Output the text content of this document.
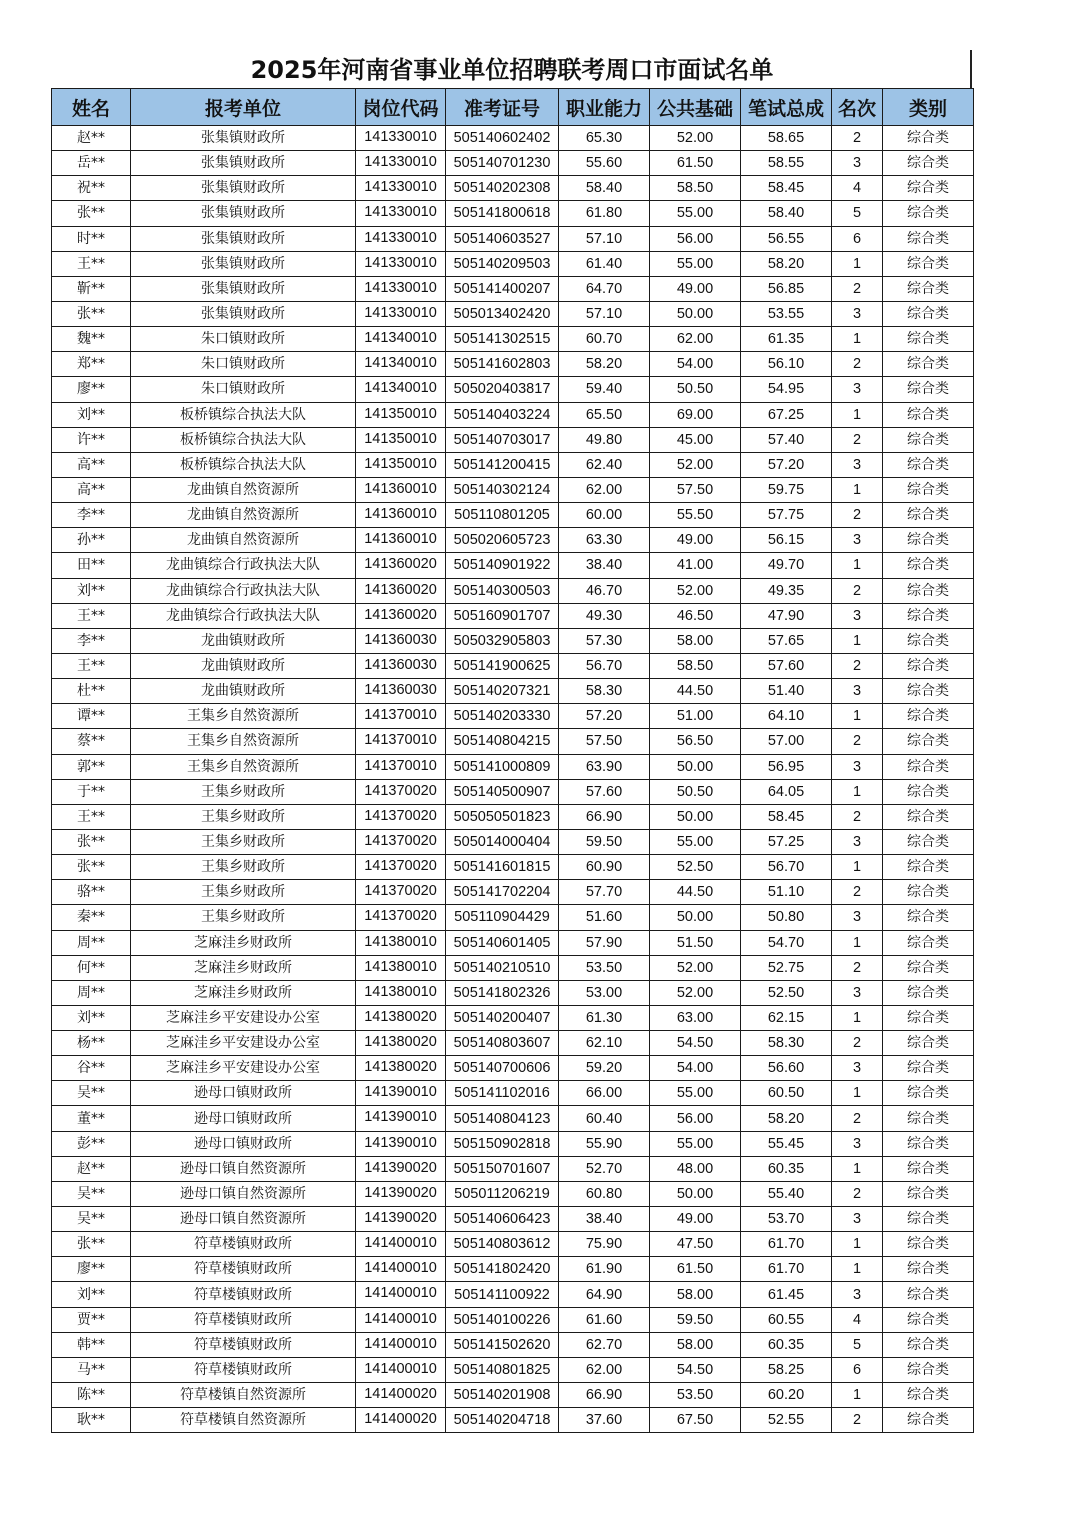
2025年河南省事业单位招聘联考周口市面试名单
姓名	报考单位	岗位代码	准考证号	职业能力	公共基础	笔试总成	名次	类别
赵**	张集镇财政所	141330010	505140602402	65.30	52.00	58.65	2	综合类
岳**	张集镇财政所	141330010	505140701230	55.60	61.50	58.55	3	综合类
祝**	张集镇财政所	141330010	505140202308	58.40	58.50	58.45	4	综合类
张**	张集镇财政所	141330010	505141800618	61.80	55.00	58.40	5	综合类
时**	张集镇财政所	141330010	505140603527	57.10	56.00	56.55	6	综合类
王**	张集镇财政所	141330010	505140209503	61.40	55.00	58.20	1	综合类
靳**	张集镇财政所	141330010	505141400207	64.70	49.00	56.85	2	综合类
张**	张集镇财政所	141330010	505013402420	57.10	50.00	53.55	3	综合类
魏**	朱口镇财政所	141340010	505141302515	60.70	62.00	61.35	1	综合类
郑**	朱口镇财政所	141340010	505141602803	58.20	54.00	56.10	2	综合类
廖**	朱口镇财政所	141340010	505020403817	59.40	50.50	54.95	3	综合类
刘**	板桥镇综合执法大队	141350010	505140403224	65.50	69.00	67.25	1	综合类
许**	板桥镇综合执法大队	141350010	505140703017	49.80	45.00	57.40	2	综合类
高**	板桥镇综合执法大队	141350010	505141200415	62.40	52.00	57.20	3	综合类
高**	龙曲镇自然资源所	141360010	505140302124	62.00	57.50	59.75	1	综合类
李**	龙曲镇自然资源所	141360010	505110801205	60.00	55.50	57.75	2	综合类
孙**	龙曲镇自然资源所	141360010	505020605723	63.30	49.00	56.15	3	综合类
田**	龙曲镇综合行政执法大队	141360020	505140901922	38.40	41.00	49.70	1	综合类
刘**	龙曲镇综合行政执法大队	141360020	505140300503	46.70	52.00	49.35	2	综合类
王**	龙曲镇综合行政执法大队	141360020	505160901707	49.30	46.50	47.90	3	综合类
李**	龙曲镇财政所	141360030	505032905803	57.30	58.00	57.65	1	综合类
王**	龙曲镇财政所	141360030	505141900625	56.70	58.50	57.60	2	综合类
杜**	龙曲镇财政所	141360030	505140207321	58.30	44.50	51.40	3	综合类
谭**	王集乡自然资源所	141370010	505140203330	57.20	51.00	64.10	1	综合类
蔡**	王集乡自然资源所	141370010	505140804215	57.50	56.50	57.00	2	综合类
郭**	王集乡自然资源所	141370010	505141000809	63.90	50.00	56.95	3	综合类
于**	王集乡财政所	141370020	505140500907	57.60	50.50	64.05	1	综合类
王**	王集乡财政所	141370020	505050501823	66.90	50.00	58.45	2	综合类
张**	王集乡财政所	141370020	505014000404	59.50	55.00	57.25	3	综合类
张**	王集乡财政所	141370020	505141601815	60.90	52.50	56.70	1	综合类
骆**	王集乡财政所	141370020	505141702204	57.70	44.50	51.10	2	综合类
秦**	王集乡财政所	141370020	505110904429	51.60	50.00	50.80	3	综合类
周**	芝麻洼乡财政所	141380010	505140601405	57.90	51.50	54.70	1	综合类
何**	芝麻洼乡财政所	141380010	505140210510	53.50	52.00	52.75	2	综合类
周**	芝麻洼乡财政所	141380010	505141802326	53.00	52.00	52.50	3	综合类
刘**	芝麻洼乡平安建设办公室	141380020	505140200407	61.30	63.00	62.15	1	综合类
杨**	芝麻洼乡平安建设办公室	141380020	505140803607	62.10	54.50	58.30	2	综合类
谷**	芝麻洼乡平安建设办公室	141380020	505140700606	59.20	54.00	56.60	3	综合类
吴**	逊母口镇财政所	141390010	505141102016	66.00	55.00	60.50	1	综合类
董**	逊母口镇财政所	141390010	505140804123	60.40	56.00	58.20	2	综合类
彭**	逊母口镇财政所	141390010	505150902818	55.90	55.00	55.45	3	综合类
赵**	逊母口镇自然资源所	141390020	505150701607	52.70	48.00	60.35	1	综合类
吴**	逊母口镇自然资源所	141390020	505011206219	60.80	50.00	55.40	2	综合类
吴**	逊母口镇自然资源所	141390020	505140606423	38.40	49.00	53.70	3	综合类
张**	符草楼镇财政所	141400010	505140803612	75.90	47.50	61.70	1	综合类
廖**	符草楼镇财政所	141400010	505141802420	61.90	61.50	61.70	1	综合类
刘**	符草楼镇财政所	141400010	505141100922	64.90	58.00	61.45	3	综合类
贾**	符草楼镇财政所	141400010	505140100226	61.60	59.50	60.55	4	综合类
韩**	符草楼镇财政所	141400010	505141502620	62.70	58.00	60.35	5	综合类
马**	符草楼镇财政所	141400010	505140801825	62.00	54.50	58.25	6	综合类
陈**	符草楼镇自然资源所	141400020	505140201908	66.90	53.50	60.20	1	综合类
耿**	符草楼镇自然资源所	141400020	505140204718	37.60	67.50	52.55	2	综合类
